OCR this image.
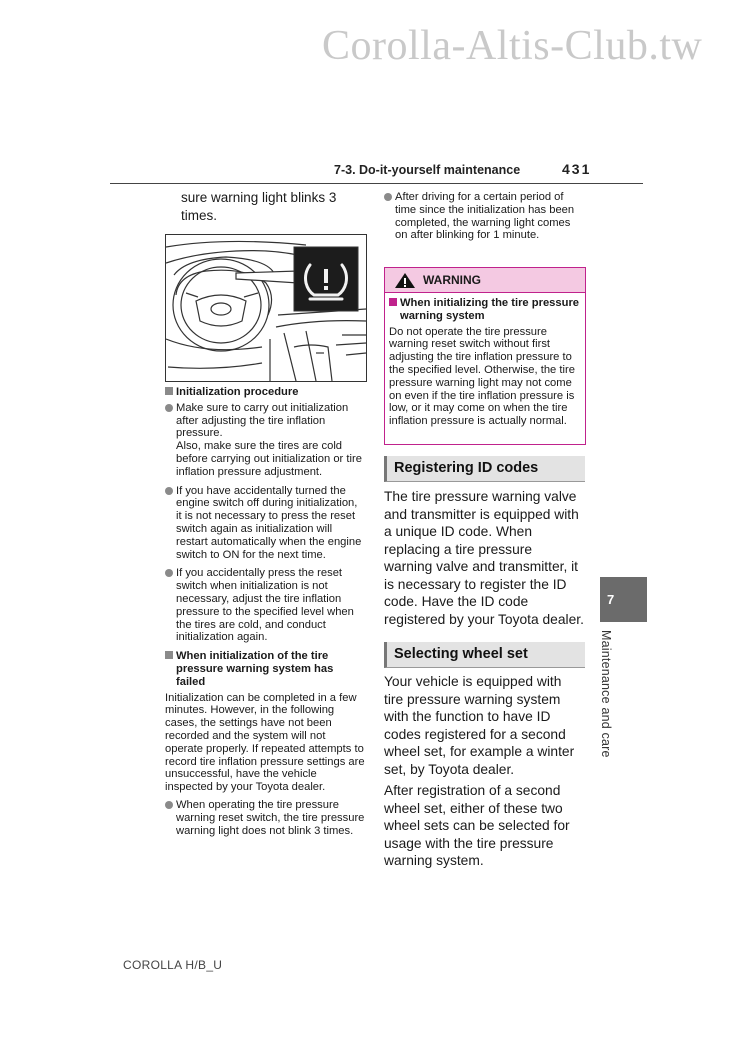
Corolla-Altis-Club.tw
7-3. Do-it-yourself maintenance	431
sure warning light blinks 3 times.
Initialization procedure
Make sure to carry out initialization after adjusting the tire inflation pressure.
Also, make sure the tires are cold before carrying out initialization or tire inflation pressure adjustment.
If you have accidentally turned the engine switch off during initialization, it is not necessary to press the reset switch again as initialization will restart automatically when the engine switch to ON for the next time.
If you accidentally press the reset switch when initialization is not necessary, adjust the tire inflation pressure to the specified level when the tires are cold, and conduct initialization again.
When initialization of the tire pressure warning system has failed
Initialization can be completed in a few minutes. However, in the following cases, the settings have not been recorded and the system will not operate properly. If repeated attempts to record tire inflation pressure settings are unsuccessful, have the vehicle inspected by your Toyota dealer.
When operating the tire pressure warning reset switch, the tire pressure warning light does not blink 3 times.
After driving for a certain period of time since the initialization has been completed, the warning light comes on after blinking for 1 minute.
WARNING
When initializing the tire pressure warning system
Do not operate the tire pressure warning reset switch without first adjusting the tire inflation pressure to the specified level. Otherwise, the tire pressure warning light may not come on even if the tire inflation pressure is low, or it may come on when the tire inflation pressure is actually normal.
Registering ID codes
The tire pressure warning valve and transmitter is equipped with a unique ID code. When replacing a tire pressure warning valve and transmitter, it is necessary to register the ID code. Have the ID code registered by your Toyota dealer.
Selecting wheel set
Your vehicle is equipped with tire pressure warning system with the function to have ID codes registered for a second wheel set, for example a winter set, by Toyota dealer.
After registration of a second wheel set, either of these two wheel sets can be selected for usage with the tire pressure warning system.
7
Maintenance and care
COROLLA H/B_U
